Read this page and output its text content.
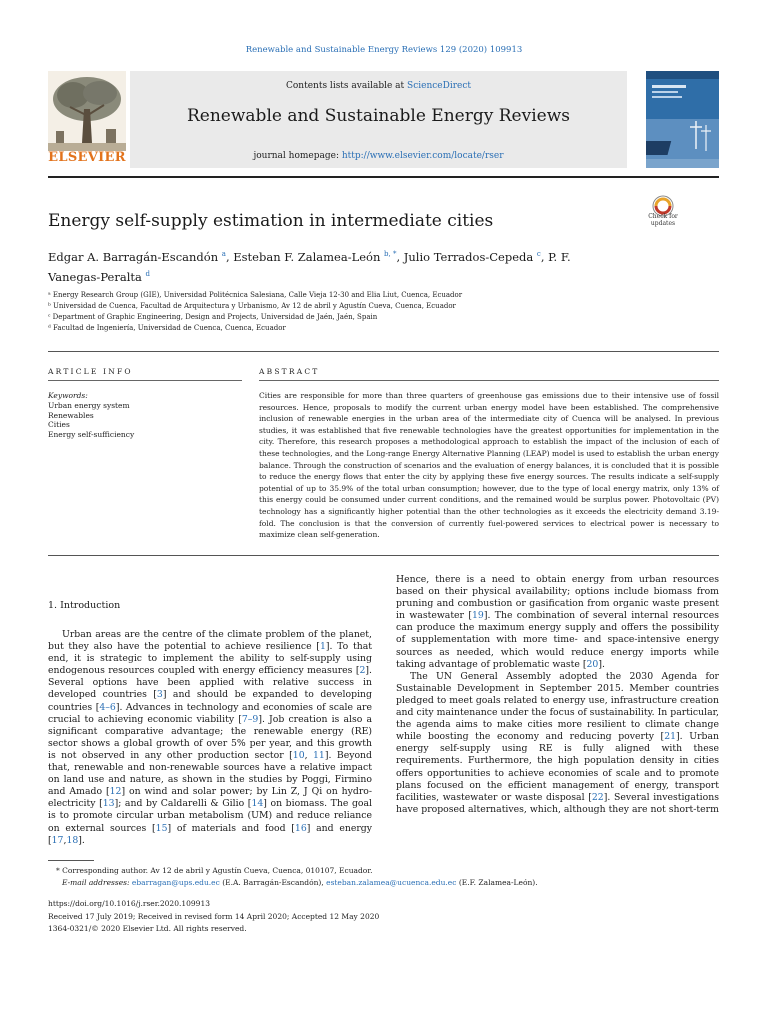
Renewable and Sustainable Energy Reviews 129 (2020) 109913
ELSEVIER
Contents lists available at ScienceDirect
Renewable and Sustainable Energy Reviews
journal homepage: http://www.elsevier.com/locate/rser
Check for
updates
Energy self-supply estimation in intermediate cities
Edgar A. Barragán-Escandón $^a$, Esteban F. Zalamea-León $^{b, *}$, Julio Terrados-Cepeda $^c$, P. F. Vanegas-Peralta $^d$
ᵃ Energy Research Group (GIE), Universidad Politécnica Salesiana, Calle Vieja 12-30 and Elia Liut, Cuenca, Ecuador
ᵇ Universidad de Cuenca, Facultad de Arquitectura y Urbanismo, Av 12 de abril y Agustín Cueva, Cuenca, Ecuador
ᶜ Department of Graphic Engineering, Design and Projects, Universidad de Jaén, Jaén, Spain
ᵈ Facultad de Ingeniería, Universidad de Cuenca, Cuenca, Ecuador
ARTICLE INFO	ABSTRACT
Keywords:
Urban energy system
Renewables
Cities
Energy self-sufficiency
Cities are responsible for more than three quarters of greenhouse gas emissions due to their intensive use of fossil resources. Hence, proposals to modify the current urban energy model have been established. The comprehensive inclusion of renewable energies in the urban area of the intermediate city of Cuenca will be analysed. In previous studies, it was established that five renewable technologies have the greatest opportunities for implementation in the city. Therefore, this research proposes a methodological approach to establish the impact of the inclusion of each of these technologies, and the Long-range Energy Alternative Planning (LEAP) model is used to establish the urban energy balance. Through the construction of scenarios and the evaluation of energy balances, it is concluded that it is possible to reduce the energy flows that enter the city by applying these five energy sources. The results indicate a self-supply potential of up to 35.9% of the total urban consumption; however, due to the type of local energy matrix, only 13% of this energy could be consumed under current conditions, and the remained would be surplus power. Photovoltaic (PV) technology has a significantly higher potential than the other technologies as it exceeds the electricity demand 3.19-fold. The conclusion is that the conversion of currently fuel-powered services to electrical power is necessary to maximize clean self-generation.
1. Introduction

Urban areas are the centre of the climate problem of the planet, but they also have the potential to achieve resilience [1]. To that end, it is strategic to implement the ability to self-supply using endogenous resources coupled with energy efficiency measures [2]. Several options have been applied with relative success in developed countries [3] and should be expanded to developing countries [4–6]. Advances in technology and economies of scale are crucial to achieving economic viability [7–9]. Job creation is also a significant comparative advantage; the renewable energy (RE) sector shows a global growth of over 5% per year, and this growth is not observed in any other production sector [10, 11]. Beyond that, renewable and non-renewable sources have a relative impact on land use and nature, as shown in the studies by Poggi, Firmino and Amado [12] on wind and solar power; by Lin Z, J Qi on hydro-electricity [13]; and by Caldarelli & Gilio [14] on biomass. The goal is to promote circular urban metabolism (UM) and reduce reliance on external sources [15] of materials and food [16] and energy [17,18].

Hence, there is a need to obtain energy from urban resources based on their physical availability; options include biomass from pruning and combustion or gasification from organic waste present in wastewater [19]. The combination of several internal resources can produce the maximum energy supply and offers the possibility of supplementation with more time- and space-intensive energy sources as needed, which would reduce energy imports while taking advantage of problematic waste [20].

The UN General Assembly adopted the 2030 Agenda for Sustainable Development in September 2015. Member countries pledged to meet goals related to energy use, infrastructure creation and city maintenance under the focus of sustainability. In particular, the agenda aims to make cities more resilient to climate change while boosting the economy and reducing poverty [21]. Urban energy self-supply using RE is fully aligned with these requirements. Furthermore, the high population density in cities offers opportunities to achieve economies of scale and to promote plans focused on the efficient management of energy, transport facilities, wastewater or waste disposal [22]. Several investigations have proposed alternatives, which, although they are not short-term

* Corresponding author. Av 12 de abril y Agustín Cueva, Cuenca, 010107, Ecuador.
E-mail addresses: ebarragan@ups.edu.ec (E.A. Barragán-Escandón), esteban.zalamea@ucuenca.edu.ec (E.F. Zalamea-León).
https://doi.org/10.1016/j.rser.2020.109913
Received 17 July 2019; Received in revised form 14 April 2020; Accepted 12 May 2020
1364-0321/© 2020 Elsevier Ltd. All rights reserved.
